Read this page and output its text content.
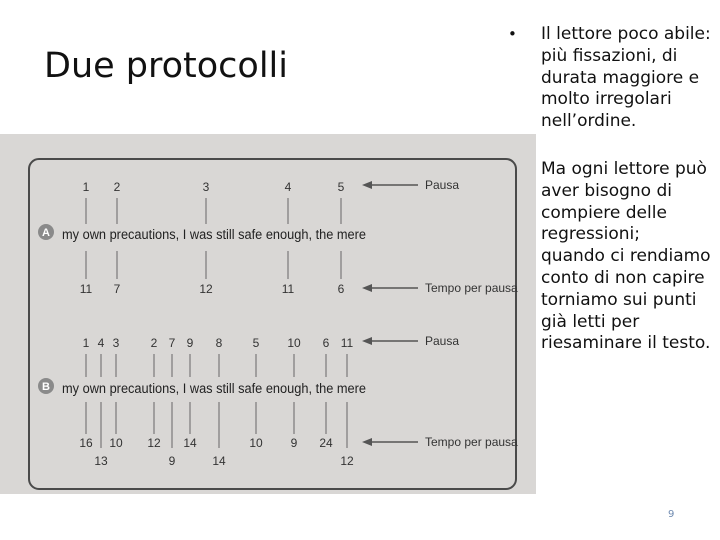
Due protocolli
• Il lettore poco abile: più fissazioni, di durata maggiore e molto irregolari nell’ordine.
• Ma ogni lettore può aver bisogno di compiere delle regressioni;
• quando ci rendiamo conto di non capire torniamo sui punti già letti per riesaminare il testo.
9
A my own precautions, I was still safe enough, the mere
1
11
2
7
3
12
4
11
5
6
Pausa
Tempo per pausa
B my own precautions, I was still safe enough, the mere
1
16
4
13
3
10
2
12
7
9
9
14
8
14
5
10
10
9
6
24
11
12
Pausa
Tempo per pausa
